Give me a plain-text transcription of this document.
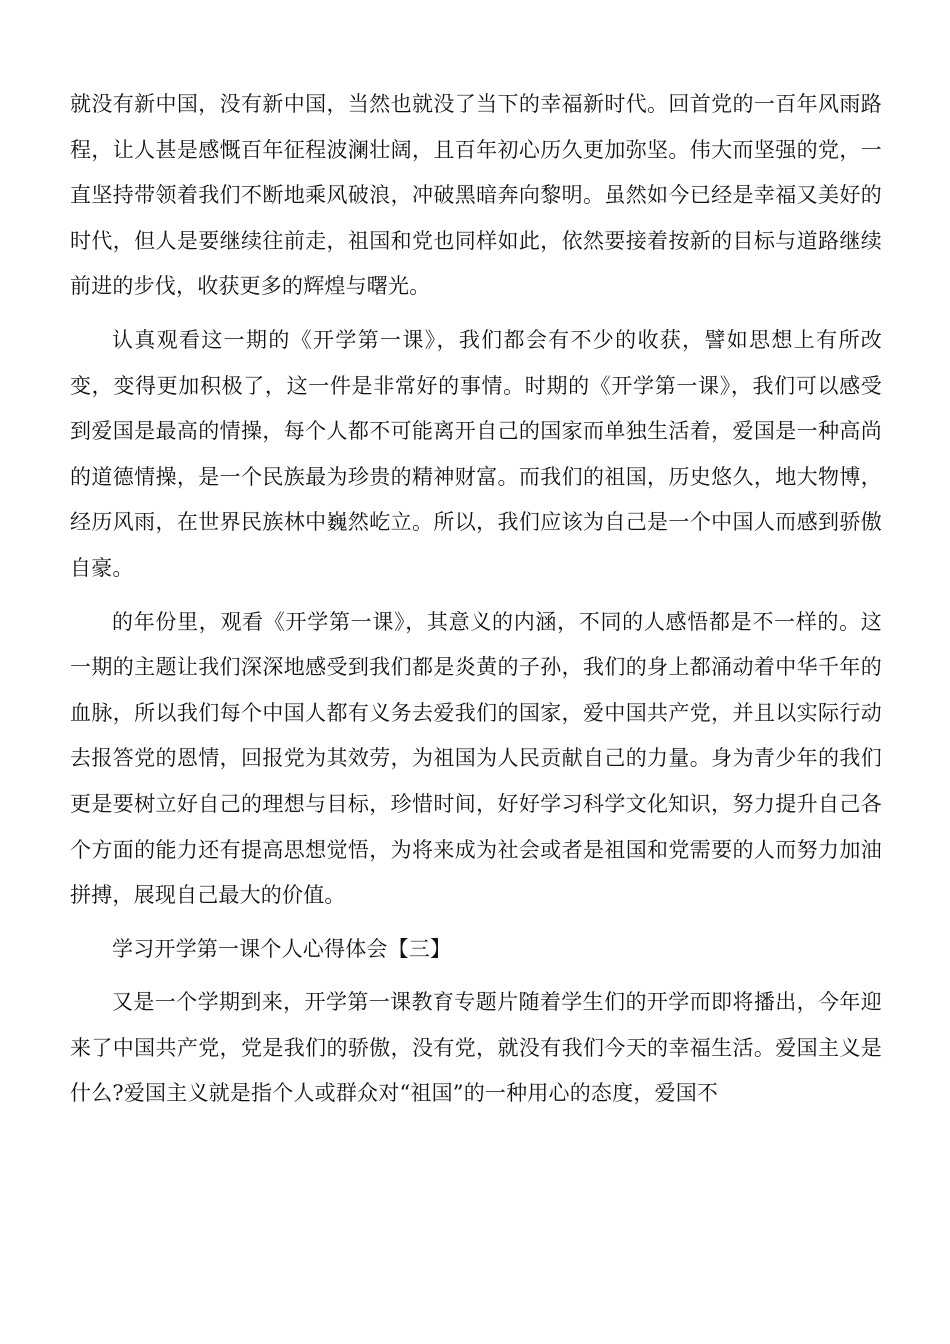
就没有新中国，没有新中国，当然也就没了当下的幸福新时代。回首党的一百年风雨路程，让人甚是感慨百年征程波澜壮阔，且百年初心历久更加弥坚。伟大而坚强的党，一直坚持带领着我们不断地乘风破浪，冲破黑暗奔向黎明。虽然如今已经是幸福又美好的时代，但人是要继续往前走，祖国和党也同样如此，依然要接着按新的目标与道路继续前进的步伐，收获更多的辉煌与曙光。

认真观看这一期的《开学第一课》，我们都会有不少的收获，譬如思想上有所改变，变得更加积极了，这一件是非常好的事情。时期的《开学第一课》，我们可以感受到爱国是最高的情操，每个人都不可能离开自己的国家而单独生活着，爱国是一种高尚的道德情操，是一个民族最为珍贵的精神财富。而我们的祖国，历史悠久，地大物博，经历风雨，在世界民族林中巍然屹立。所以，我们应该为自己是一个中国人而感到骄傲自豪。

的年份里，观看《开学第一课》，其意义的内涵，不同的人感悟都是不一样的。这一期的主题让我们深深地感受到我们都是炎黄的子孙，我们的身上都涌动着中华千年的血脉，所以我们每个中国人都有义务去爱我们的国家，爱中国共产党，并且以实际行动去报答党的恩情，回报党为其效劳，为祖国为人民贡献自己的力量。身为青少年的我们更是要树立好自己的理想与目标，珍惜时间，好好学习科学文化知识，努力提升自己各个方面的能力还有提高思想觉悟，为将来成为社会或者是祖国和党需要的人而努力加油拼搏，展现自己最大的价值。

学习开学第一课个人心得体会【三】

又是一个学期到来，开学第一课教育专题片随着学生们的开学而即将播出，今年迎来了中国共产党，党是我们的骄傲，没有党，就没有我们今天的幸福生活。爱国主义是什么?爱国主义就是指个人或群众对“祖国”的一种用心的态度，爱国不
